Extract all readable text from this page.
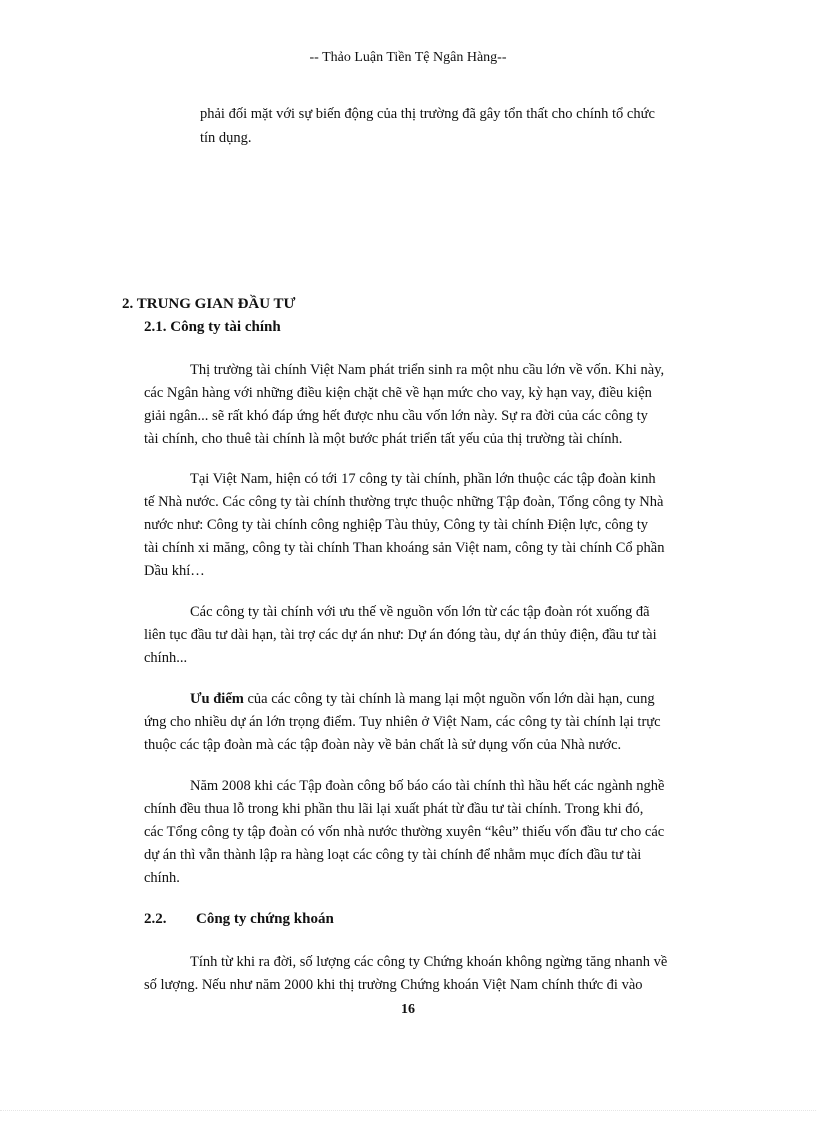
-- Thảo Luận Tiền Tệ Ngân Hàng--
phải đối mặt với sự biến động của thị trường đã gây tổn thất cho chính tổ chức
tín dụng.
2. TRUNG GIAN ĐẦU TƯ
2.1. Công ty tài chính
Thị trường tài chính Việt Nam phát triển sinh ra một nhu cầu lớn về vốn. Khi này,
các Ngân hàng với những điều kiện chặt chẽ về hạn mức cho vay, kỳ hạn vay, điều kiện
giải ngân... sẽ rất khó đáp ứng hết được nhu cầu vốn lớn này. Sự ra đời của các công ty
tài chính, cho thuê tài chính là một bước phát triển tất yếu của thị trường tài chính.
Tại Việt Nam, hiện có tới 17 công ty tài chính, phần lớn thuộc các tập đoàn kinh
tế Nhà nước. Các công ty tài chính thường trực thuộc những Tập đoàn, Tổng công ty Nhà
nước như: Công ty tài chính công nghiệp Tàu thủy, Công ty tài chính Điện lực, công ty
tài chính xi măng, công ty tài chính Than khoáng sản Việt nam, công ty tài chính Cổ phần
Dầu khí…
Các công ty tài chính với ưu thế về nguồn vốn lớn từ các tập đoàn rót xuống đã
liên tục đầu tư dài hạn, tài trợ các dự án như: Dự án đóng tàu, dự án thủy điện, đầu tư tài
chính...
Ưu điểm của các công ty tài chính là mang lại một nguồn vốn lớn dài hạn, cung
ứng cho nhiều dự án lớn trọng điểm. Tuy nhiên ở Việt Nam, các công ty tài chính lại trực
thuộc các tập đoàn mà các tập đoàn này về bản chất là sử dụng vốn của Nhà nước.
Năm 2008 khi các Tập đoàn công bố báo cáo tài chính thì hầu hết các ngành nghề
chính đều thua lỗ trong khi phần thu lãi lại xuất phát từ đầu tư tài chính. Trong khi đó,
các Tổng công ty tập đoàn có vốn nhà nước thường xuyên “kêu” thiếu vốn đầu tư cho các
dự án thì vẫn thành lập ra hàng loạt các công ty tài chính để nhằm mục đích đầu tư tài
chính.
2.2. Công ty chứng khoán
Tính từ khi ra đời, số lượng các công ty Chứng khoán không ngừng tăng nhanh về
số lượng. Nếu như năm 2000 khi thị trường Chứng khoán Việt Nam chính thức đi vào
16
